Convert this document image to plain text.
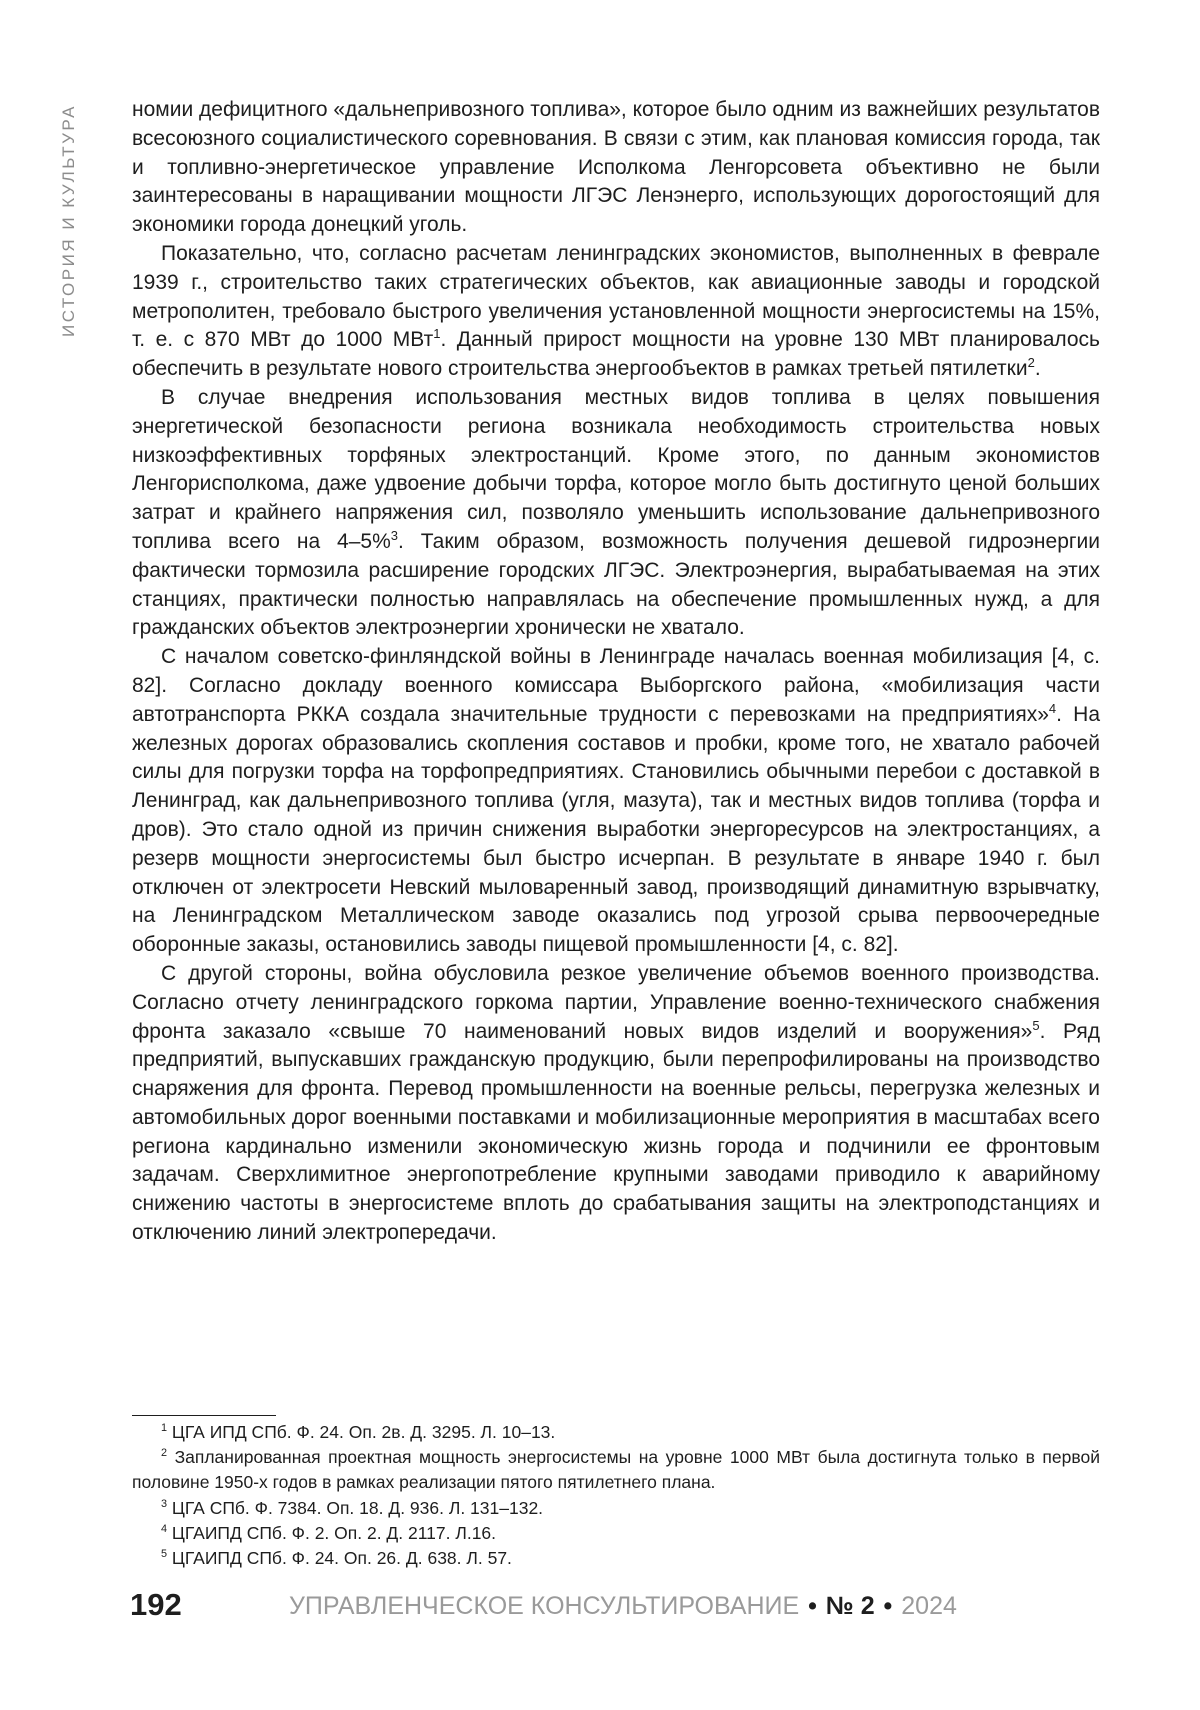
ИСТОРИЯ И КУЛЬТУРА	номии дефицитного «дальнепривозного топлива», которое было одним из важнейших результатов всесоюзного социалистического соревнования. В связи с этим, как плановая комиссия города, так и топливно-энергетическое управление Исполкома Ленгорсовета объективно не были заинтересованы в наращивании мощности ЛГЭС Ленэнерго, использующих дорогостоящий для экономики города донецкий уголь.

Показательно, что, согласно расчетам ленинградских экономистов, выполненных в феврале 1939 г., строительство таких стратегических объектов, как авиационные заводы и городской метрополитен, требовало быстрого увеличения установленной мощности энергосистемы на 15%, т. е. с 870 МВт до 1000 МВт1. Данный прирост мощности на уровне 130 МВт планировалось обеспечить в результате нового строительства энергообъектов в рамках третьей пятилетки2.

В случае внедрения использования местных видов топлива в целях повышения энергетической безопасности региона возникала необходимость строительства новых низкоэффективных торфяных электростанций. Кроме этого, по данным экономистов Ленгорисполкома, даже удвоение добычи торфа, которое могло быть достигнуто ценой больших затрат и крайнего напряжения сил, позволяло уменьшить использование дальнепривозного топлива всего на 4–5%3. Таким образом, возможность получения дешевой гидроэнергии фактически тормозила расширение городских ЛГЭС. Электроэнергия, вырабатываемая на этих станциях, практически полностью направлялась на обеспечение промышленных нужд, а для гражданских объектов электроэнергии хронически не хватало.

С началом советско-финляндской войны в Ленинграде началась военная мобилизация [4, с. 82]. Согласно докладу военного комиссара Выборгского района, «мобилизация части автотранспорта РККА создала значительные трудности с перевозками на предприятиях»4. На железных дорогах образовались скопления составов и пробки, кроме того, не хватало рабочей силы для погрузки торфа на торфопредприятиях. Становились обычными перебои с доставкой в Ленинград, как дальнепривозного топлива (угля, мазута), так и местных видов топлива (торфа и дров). Это стало одной из причин снижения выработки энергоресурсов на электростанциях, а резерв мощности энергосистемы был быстро исчерпан. В результате в январе 1940 г. был отключен от электросети Невский мыловаренный завод, производящий динамитную взрывчатку, на Ленинградском Металлическом заводе оказались под угрозой срыва первоочередные оборонные заказы, остановились заводы пищевой промышленности [4, с. 82].

С другой стороны, война обусловила резкое увеличение объемов военного производства. Согласно отчету ленинградского горкома партии, Управление военно-технического снабжения фронта заказало «свыше 70 наименований новых видов изделий и вооружения»5. Ряд предприятий, выпускавших гражданскую продукцию, были перепрофилированы на производство снаряжения для фронта. Перевод промышленности на военные рельсы, перегрузка железных и автомобильных дорог военными поставками и мобилизационные мероприятия в масштабах всего региона кардинально изменили экономическую жизнь города и подчинили ее фронтовым задачам. Сверхлимитное энергопотребление крупными заводами приводило к аварийному снижению частоты в энергосистеме вплоть до срабатывания защиты на электроподстанциях и отключению линий электропередачи.

1 ЦГА ИПД СПб. Ф. 24. Оп. 2в. Д. 3295. Л. 10–13.

2 Запланированная проектная мощность энергосистемы на уровне 1000 МВт была достигнута только в первой половине 1950-х годов в рамках реализации пятого пятилетнего плана.

3 ЦГА СПб. Ф. 7384. Оп. 18. Д. 936. Л. 131–132.

4 ЦГАИПД СПб. Ф. 2. Оп. 2. Д. 2117. Л.16.

5 ЦГАИПД СПб. Ф. 24. Оп. 26. Д. 638. Л. 57.

192	УПРАВЛЕНЧЕСКОЕ КОНСУЛЬТИРОВАНИЕ • № 2 • 2024
